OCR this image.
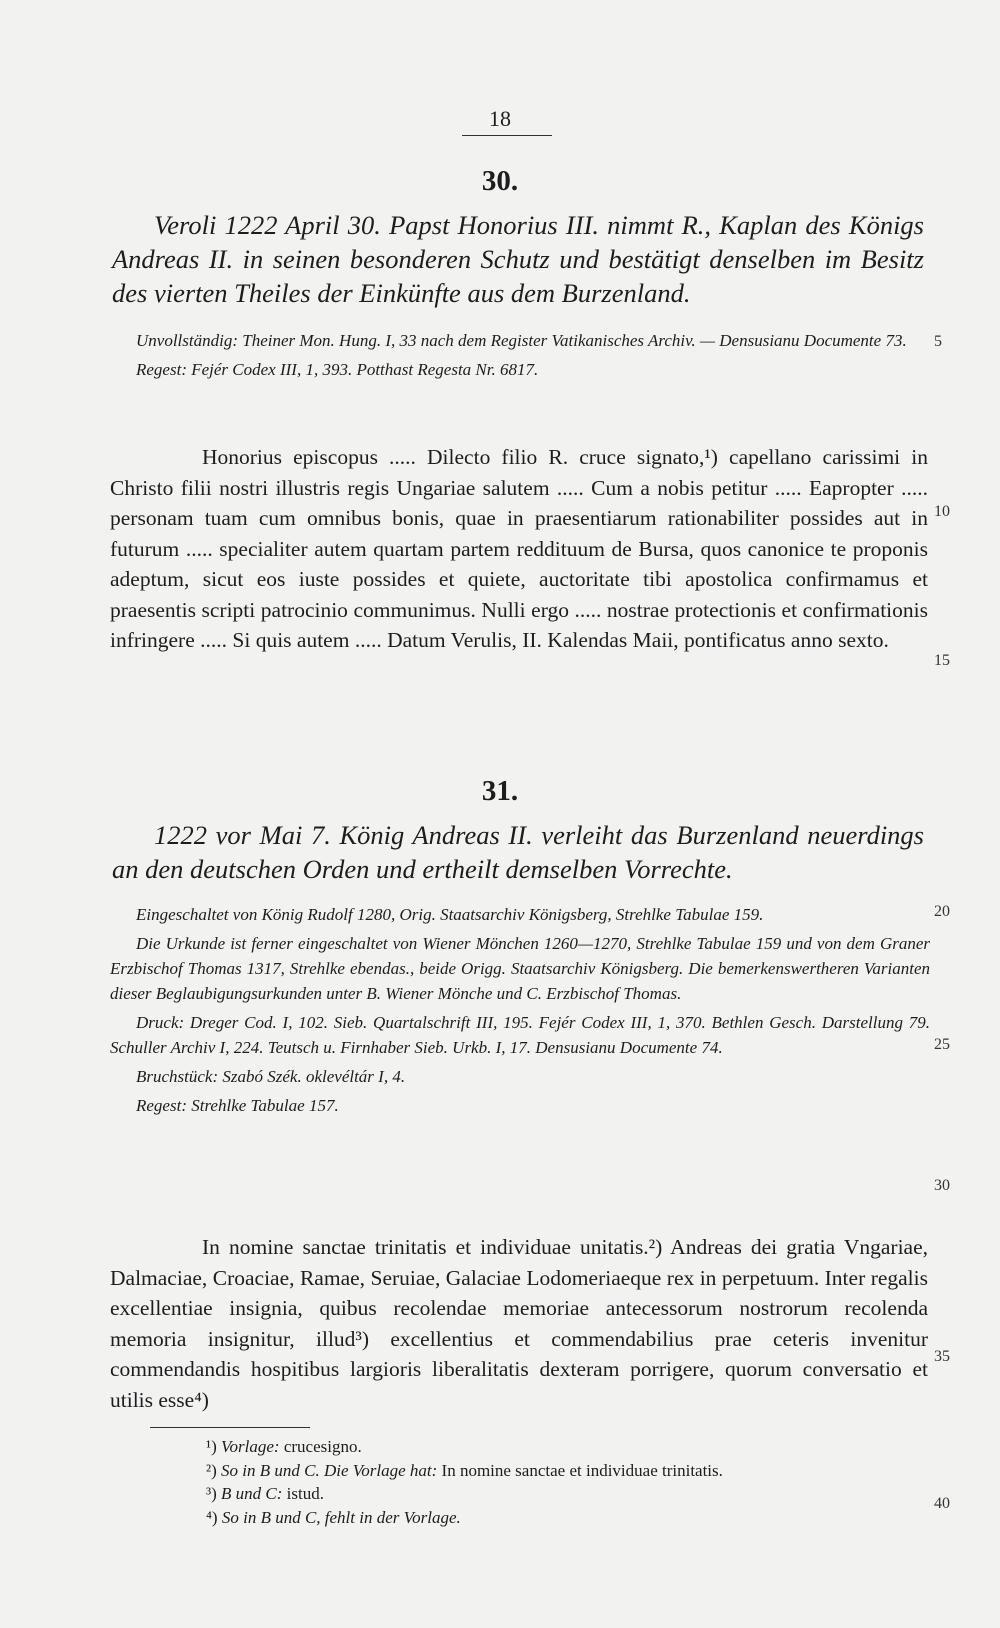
18
30.
Veroli 1222 April 30. Papst Honorius III. nimmt R., Kaplan des Königs Andreas II. in seinen besonderen Schutz und bestätigt denselben im Besitz des vierten Theiles der Einkünfte aus dem Burzenland.

Unvollständig: Theiner Mon. Hung. I, 33 nach dem Register Vatikanisches Archiv. — Densusianu Documente 73.

Regest: Fejér Codex III, 1, 393. Potthast Regesta Nr. 6817.

Honorius episcopus ..... Dilecto filio R. cruce signato,¹) capellano carissimi in Christo filii nostri illustris regis Ungariae salutem ..... Cum a nobis petitur ..... Eapropter ..... personam tuam cum omnibus bonis, quae in praesentiarum rationabiliter possides aut in futurum ..... specialiter autem quartam partem reddituum de Bursa, quos canonice te proponis adeptum, sicut eos iuste possides et quiete, auctoritate tibi apostolica confirmamus et praesentis scripti patrocinio communimus. Nulli ergo ..... nostrae protectionis et confirmationis infringere ..... Si quis autem ..... Datum Verulis, II. Kalendas Maii, pontificatus anno sexto.

31.
1222 vor Mai 7. König Andreas II. verleiht das Burzenland neuerdings an den deutschen Orden und ertheilt demselben Vorrechte.

Eingeschaltet von König Rudolf 1280, Orig. Staatsarchiv Königsberg, Strehlke Tabulae 159.

Die Urkunde ist ferner eingeschaltet von Wiener Mönchen 1260—1270, Strehlke Tabulae 159 und von dem Graner Erzbischof Thomas 1317, Strehlke ebendas., beide Origg. Staatsarchiv Königsberg. Die bemerkenswertheren Varianten dieser Beglaubigungsurkunden unter B. Wiener Mönche und C. Erzbischof Thomas.

Druck: Dreger Cod. I, 102. Sieb. Quartalschrift III, 195. Fejér Codex III, 1, 370. Bethlen Gesch. Darstellung 79. Schuller Archiv I, 224. Teutsch u. Firnhaber Sieb. Urkb. I, 17. Densusianu Documente 74.

Bruchstück: Szabó Szék. oklevéltár I, 4.

Regest: Strehlke Tabulae 157.

In nomine sanctae trinitatis et individuae unitatis.²) Andreas dei gratia Vngariae, Dalmaciae, Croaciae, Ramae, Seruiae, Galaciae Lodomeriaeque rex in perpetuum. Inter regalis excellentiae insignia, quibus recolendae memoriae antecessorum nostrorum recolenda memoria insignitur, illud³) excellentius et commendabilius prae ceteris invenitur commendandis hospitibus largioris liberalitatis dexteram porrigere, quorum conversatio et utilis esse⁴)

5
10
15
20
25
30
35
40
¹) Vorlage: crucesigno.
²) So in B und C. Die Vorlage hat: In nomine sanctae et individuae trinitatis.
³) B und C: istud.
⁴) So in B und C, fehlt in der Vorlage.
